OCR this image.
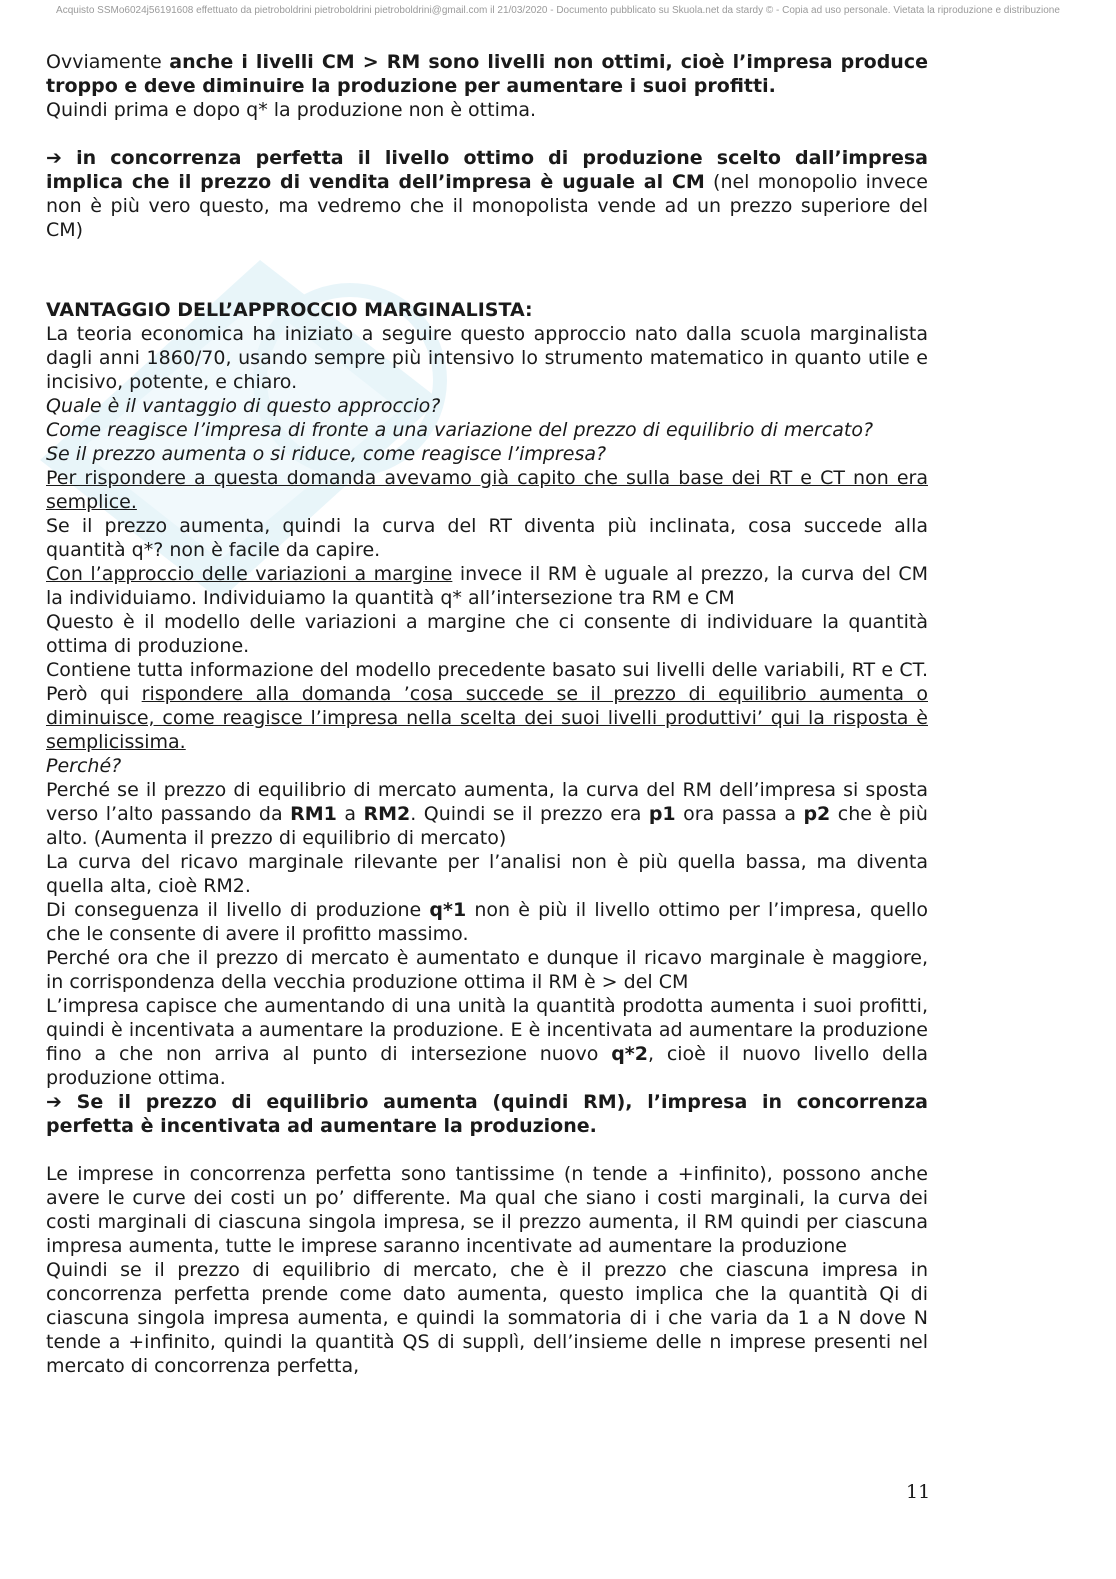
Acquisto SSMo6024j56191608 effettuato da pietroboldrini pietroboldrini pietroboldrini@gmail.com il 21/03/2020 - Documento pubblicato su Skuola.net da stardy © - Copia ad uso personale. Vietata la riproduzione e distribuzione

Ovviamente anche i livelli CM > RM sono livelli non ottimi, cioè l’impresa produce troppo e deve diminuire la produzione per aumentare i suoi profitti.

Quindi prima e dopo q* la produzione non è ottima.

➔ in concorrenza perfetta il livello ottimo di produzione scelto dall’impresa implica che il prezzo di vendita dell’impresa è uguale al CM (nel monopolio invece non è più vero questo, ma vedremo che il monopolista vende ad un prezzo superiore del CM)

VANTAGGIO DELL’APPROCCIO MARGINALISTA:

La teoria economica ha iniziato a seguire questo approccio nato dalla scuola marginalista dagli anni 1860/70, usando sempre più intensivo lo strumento matematico in quanto utile e incisivo, potente, e chiaro.

Quale è il vantaggio di questo approccio?

Come reagisce l’impresa di fronte a una variazione del prezzo di equilibrio di mercato?

Se il prezzo aumenta o si riduce, come reagisce l’impresa?

Per rispondere a questa domanda avevamo già capito che sulla base dei RT e CT non era semplice.

Se il prezzo aumenta, quindi la curva del RT diventa più inclinata, cosa succede alla quantità q*? non è facile da capire.

Con l’approccio delle variazioni a margine invece il RM è uguale al prezzo, la curva del CM la individuiamo. Individuiamo la quantità q* all’intersezione tra RM e CM

Questo è il modello delle variazioni a margine che ci consente di individuare la quantità ottima di produzione.

Contiene tutta informazione del modello precedente basato sui livelli delle variabili, RT e CT. Però qui rispondere alla domanda ’cosa succede se il prezzo di equilibrio aumenta o diminuisce, come reagisce l’impresa nella scelta dei suoi livelli produttivi’ qui la risposta è semplicissima.

Perché?

Perché se il prezzo di equilibrio di mercato aumenta, la curva del RM dell’impresa si sposta verso l’alto passando da RM1 a RM2. Quindi se il prezzo era p1 ora passa a p2 che è più alto. (Aumenta il prezzo di equilibrio di mercato)

La curva del ricavo marginale rilevante per l’analisi non è più quella bassa, ma diventa quella alta, cioè RM2.

Di conseguenza il livello di produzione q*1 non è più il livello ottimo per l’impresa, quello che le consente di avere il profitto massimo.

Perché ora che il prezzo di mercato è aumentato e dunque il ricavo marginale è maggiore, in corrispondenza della vecchia produzione ottima il RM è > del CM

L’impresa capisce che aumentando di una unità la quantità prodotta aumenta i suoi profitti, quindi è incentivata a aumentare la produzione. E è incentivata ad aumentare la produzione fino a che non arriva al punto di intersezione nuovo q*2, cioè il nuovo livello della produzione ottima.

➔ Se il prezzo di equilibrio aumenta (quindi RM), l’impresa in concorrenza perfetta è incentivata ad aumentare la produzione.

Le imprese in concorrenza perfetta sono tantissime (n tende a +infinito), possono anche avere le curve dei costi un po’ differente. Ma qual che siano i costi marginali, la curva dei costi marginali di ciascuna singola impresa, se il prezzo aumenta, il RM quindi per ciascuna impresa aumenta, tutte le imprese saranno incentivate ad aumentare la produzione

Quindi se il prezzo di equilibrio di mercato, che è il prezzo che ciascuna impresa in concorrenza perfetta prende come dato aumenta, questo implica che la quantità Qi di ciascuna singola impresa aumenta, e quindi la sommatoria di i che varia da 1 a N dove N tende a +infinito, quindi la quantità QS di supplì, dell’insieme delle n imprese presenti nel mercato di concorrenza perfetta,

11
